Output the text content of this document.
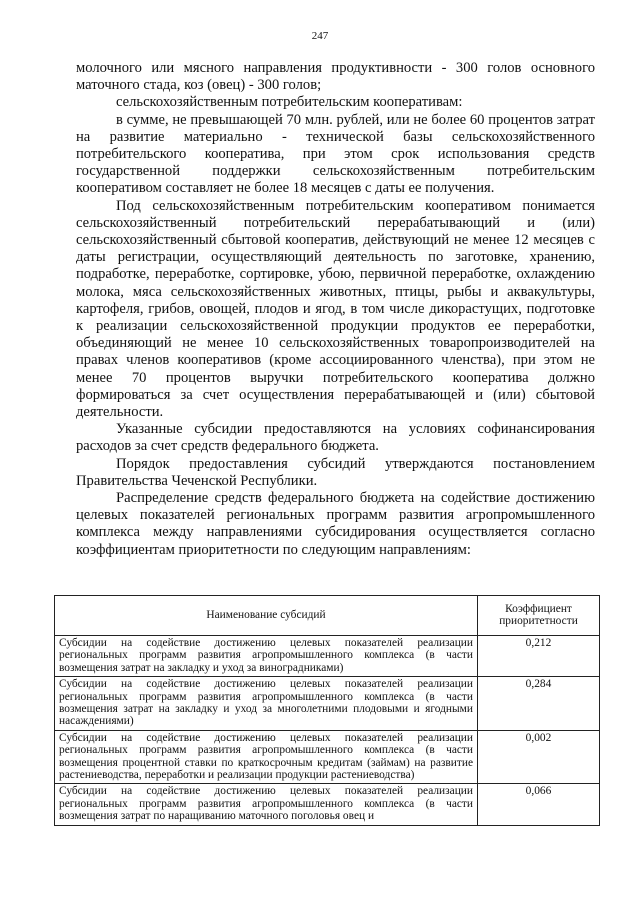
247

молочного или мясного направления продуктивности - 300 голов основного маточного стада, коз (овец) - 300 голов;

сельскохозяйственным потребительским кооперативам:

в сумме, не превышающей 70 млн. рублей, или не более 60 процентов затрат на развитие материально - технической базы сельскохозяйственного потребительского кооператива, при этом срок использования средств государственной поддержки сельскохозяйственным потребительским кооперативом составляет не более 18 месяцев с даты ее получения.

Под сельскохозяйственным потребительским кооперативом понимается сельскохозяйственный потребительский перерабатывающий и (или) сельскохозяйственный сбытовой кооператив, действующий не менее 12 месяцев с даты регистрации, осуществляющий деятельность по заготовке, хранению, подработке, переработке, сортировке, убою, первичной переработке, охлаждению молока, мяса сельскохозяйственных животных, птицы, рыбы и аквакультуры, картофеля, грибов, овощей, плодов и ягод, в том числе дикорастущих, подготовке к реализации сельскохозяйственной продукции продуктов ее переработки, объединяющий не менее 10 сельскохозяйственных товаропроизводителей на правах членов кооперативов (кроме ассоциированного членства), при этом не менее 70 процентов выручки потребительского кооператива должно формироваться за счет осуществления перерабатывающей и (или) сбытовой деятельности.

Указанные субсидии предоставляются на условиях софинансирования расходов за счет средств федерального бюджета.

Порядок предоставления субсидий утверждаются постановлением Правительства Чеченской Республики.

Распределение средств федерального бюджета на содействие достижению целевых показателей региональных программ развития агропромышленного комплекса между направлениями субсидирования осуществляется согласно коэффициентам приоритетности по следующим направлениям:

Наименование субсидий	Коэффициент приоритетности
Субсидии на содействие достижению целевых показателей реализации региональных программ развития агропромышленного комплекса (в части возмещения затрат на закладку и уход за виноградниками)	0,212
Субсидии на содействие достижению целевых показателей реализации региональных программ развития агропромышленного комплекса (в части возмещения затрат на закладку и уход за многолетними плодовыми и ягодными насаждениями)	0,284
Субсидии на содействие достижению целевых показателей реализации региональных программ развития агропромышленного комплекса (в части возмещения процентной ставки по краткосрочным кредитам (займам) на развитие растениеводства, переработки и реализации продукции растениеводства)	0,002
Субсидии на содействие достижению целевых показателей реализации региональных программ развития агропромышленного комплекса (в части возмещения затрат по наращиванию маточного поголовья овец и	0,066
